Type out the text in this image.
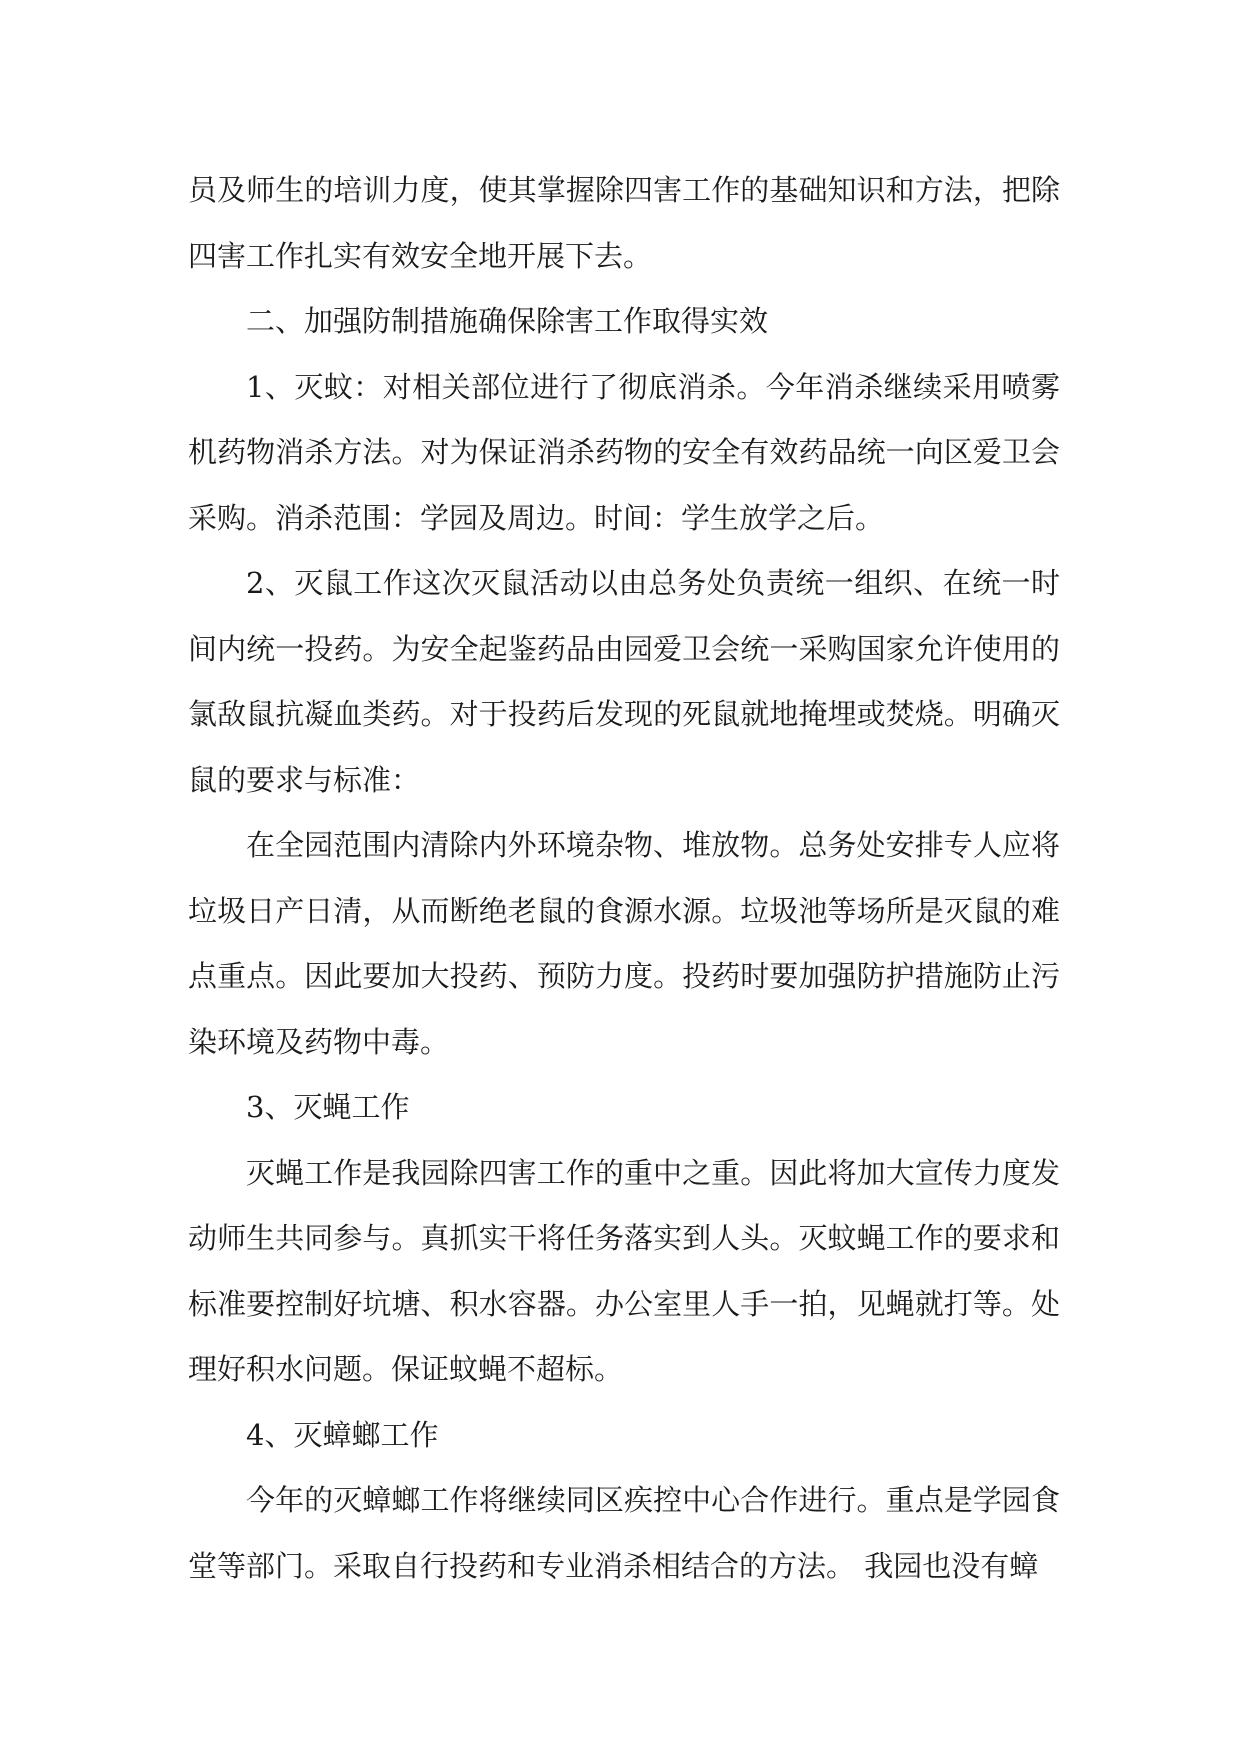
员及师生的培训力度，使其掌握除四害工作的基础知识和方法，把除四害工作扎实有效安全地开展下去。

二、加强防制措施确保除害工作取得实效

1、灭蚊：对相关部位进行了彻底消杀。今年消杀继续采用喷雾机药物消杀方法。对为保证消杀药物的安全有效药品统一向区爱卫会采购。消杀范围：学园及周边。时间：学生放学之后。

2、灭鼠工作这次灭鼠活动以由总务处负责统一组织、在统一时间内统一投药。为安全起鉴药品由园爱卫会统一采购国家允许使用的氯敌鼠抗凝血类药。对于投药后发现的死鼠就地掩埋或焚烧。明确灭鼠的要求与标准：

在全园范围内清除内外环境杂物、堆放物。总务处安排专人应将垃圾日产日清，从而断绝老鼠的食源水源。垃圾池等场所是灭鼠的难点重点。因此要加大投药、预防力度。投药时要加强防护措施防止污染环境及药物中毒。

3、灭蝇工作

灭蝇工作是我园除四害工作的重中之重。因此将加大宣传力度发动师生共同参与。真抓实干将任务落实到人头。灭蚊蝇工作的要求和标准要控制好坑塘、积水容器。办公室里人手一拍，见蝇就打等。处理好积水问题。保证蚊蝇不超标。

4、灭蟑螂工作

今年的灭蟑螂工作将继续同区疾控中心合作进行。重点是学园食堂等部门。采取自行投药和专业消杀相结合的方法。 我园也没有蟑
